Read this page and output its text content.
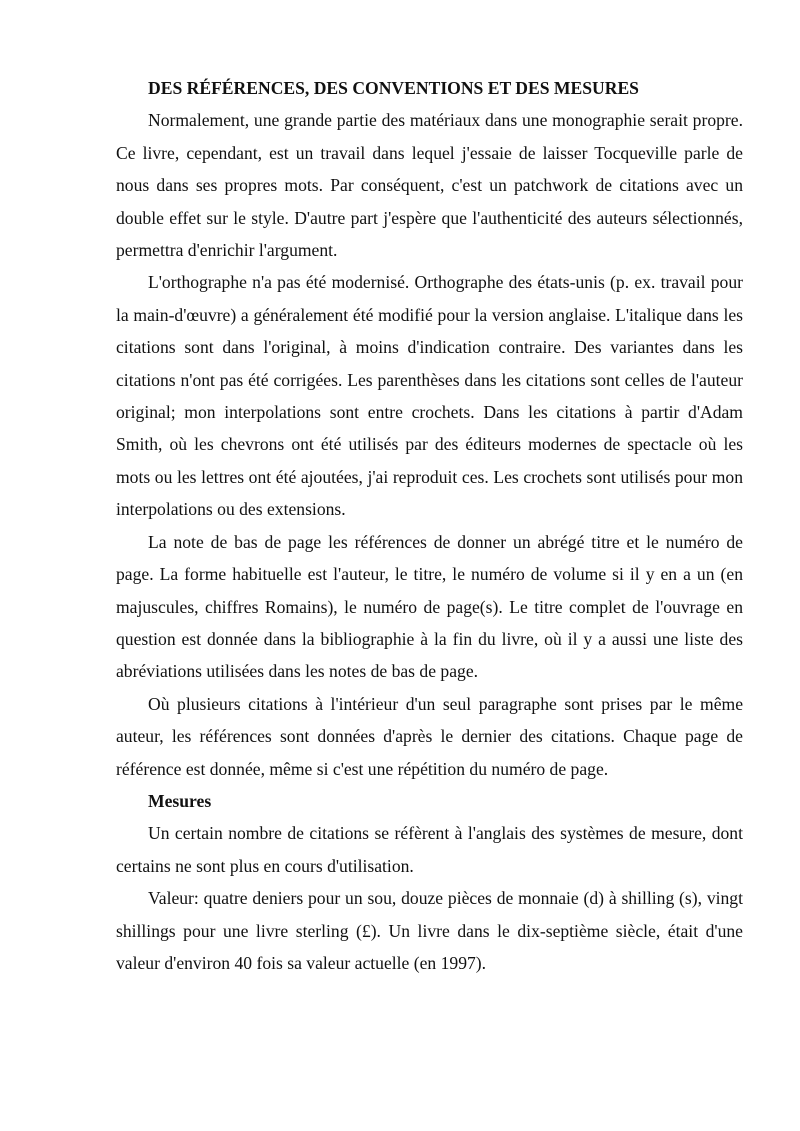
DES RÉFÉRENCES, DES CONVENTIONS ET DES MESURES

Normalement, une grande partie des matériaux dans une monographie serait propre. Ce livre, cependant, est un travail dans lequel j'essaie de laisser Tocqueville parle de nous dans ses propres mots. Par conséquent, c'est un patchwork de citations avec un double effet sur le style. D'autre part j'espère que l'authenticité des auteurs sélectionnés, permettra d'enrichir l'argument.

L'orthographe n'a pas été modernisé. Orthographe des états-unis (p. ex. travail pour la main-d'œuvre) a généralement été modifié pour la version anglaise. L'italique dans les citations sont dans l'original, à moins d'indication contraire. Des variantes dans les citations n'ont pas été corrigées. Les parenthèses dans les citations sont celles de l'auteur original; mon interpolations sont entre crochets. Dans les citations à partir d'Adam Smith, où les chevrons ont été utilisés par des éditeurs modernes de spectacle où les mots ou les lettres ont été ajoutées, j'ai reproduit ces. Les crochets sont utilisés pour mon interpolations ou des extensions.

La note de bas de page les références de donner un abrégé titre et le numéro de page. La forme habituelle est l'auteur, le titre, le numéro de volume si il y en a un (en majuscules, chiffres Romains), le numéro de page(s). Le titre complet de l'ouvrage en question est donnée dans la bibliographie à la fin du livre, où il y a aussi une liste des abréviations utilisées dans les notes de bas de page.

Où plusieurs citations à l'intérieur d'un seul paragraphe sont prises par le même auteur, les références sont données d'après le dernier des citations. Chaque page de référence est donnée, même si c'est une répétition du numéro de page.

Mesures

Un certain nombre de citations se réfèrent à l'anglais des systèmes de mesure, dont certains ne sont plus en cours d'utilisation.

Valeur: quatre deniers pour un sou, douze pièces de monnaie (d) à shilling (s), vingt shillings pour une livre sterling (£). Un livre dans le dix-septième siècle, était d'une valeur d'environ 40 fois sa valeur actuelle (en 1997).
